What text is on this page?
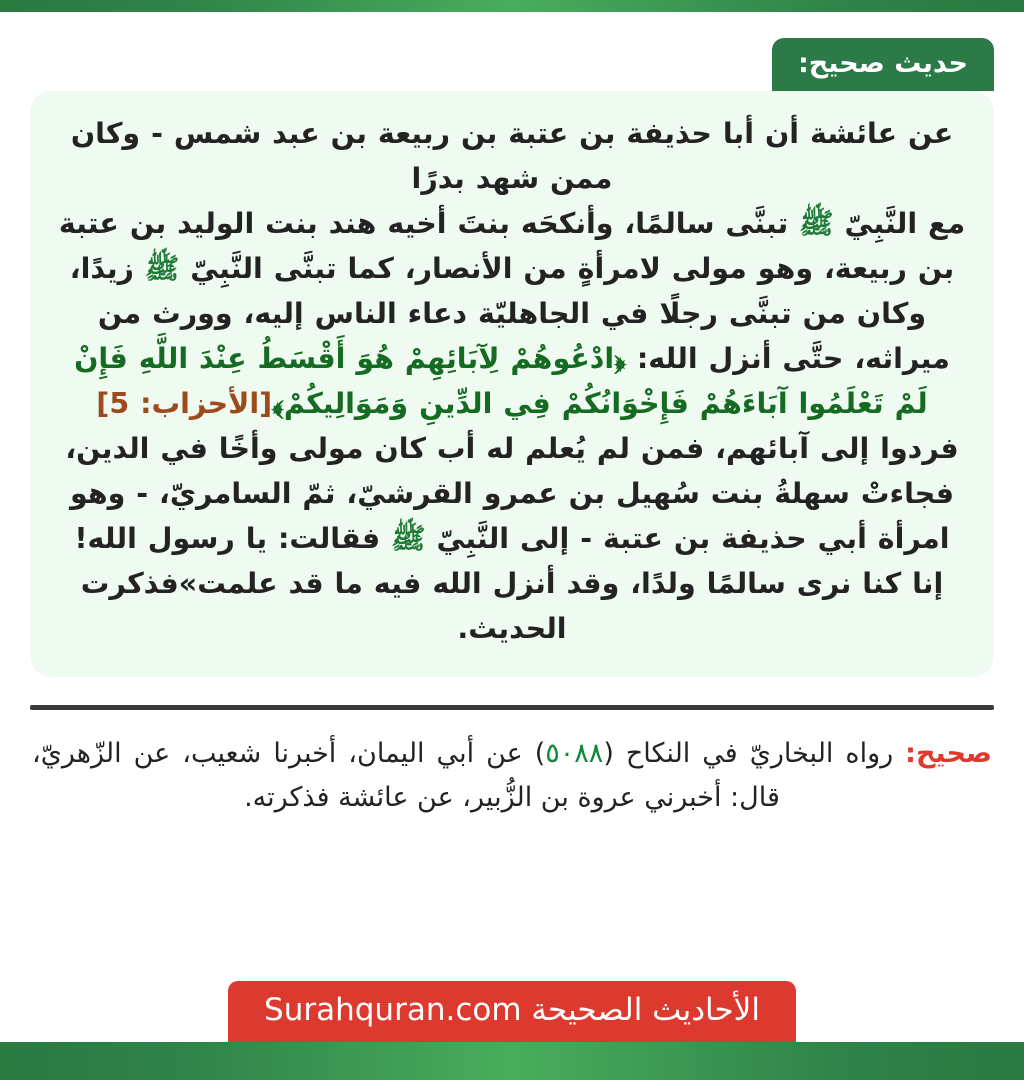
حديث صحيح:

عن عائشة أن أبا حذيفة بن عتبة بن ربيعة بن عبد شمس - وكان ممن شهد بدرًا

مع النَّبِيّ ﷺ تبنَّى سالمًا، وأنكحَه بنتَ أخيه هند بنت الوليد بن عتبة بن ربيعة، وهو مولى لامرأةٍ من الأنصار، كما تبنَّى النَّبِيّ ﷺ زيدًا، وكان من تبنَّى رجلًا في الجاهليّة دعاء الناس إليه، وورث من ميراثه، حتَّى أنزل الله: ﴿ادْعُوهُمْ لِآبَائِهِمْ هُوَ أَقْسَطُ عِنْدَ اللَّهِ فَإِنْ لَمْ تَعْلَمُوا آبَاءَهُمْ فَإِخْوَانُكُمْ فِي الدِّينِ وَمَوَالِيكُمْ﴾[الأحزاب: 5] فردوا إلى آبائهم، فمن لم يُعلم له أب كان مولى وأخًا في الدين، فجاءتْ سهلةُ بنت سُهيل بن عمرو القرشيّ، ثمّ السامريّ، - وهو امرأة أبي حذيفة بن عتبة - إلى النَّبِيّ ﷺ فقالت: يا رسول الله! إنا كنا نرى سالمًا ولدًا، وقد أنزل الله فيه ما قد علمت»فذكرت الحديث.

صحيح: رواه البخاريّ في النكاح (٥٠٨٨) عن أبي اليمان، أخبرنا شعيب، عن الزّهريّ، قال: أخبرني عروة بن الزُّبير، عن عائشة فذكرته.
الأحاديث الصحيحة Surahquran.com
